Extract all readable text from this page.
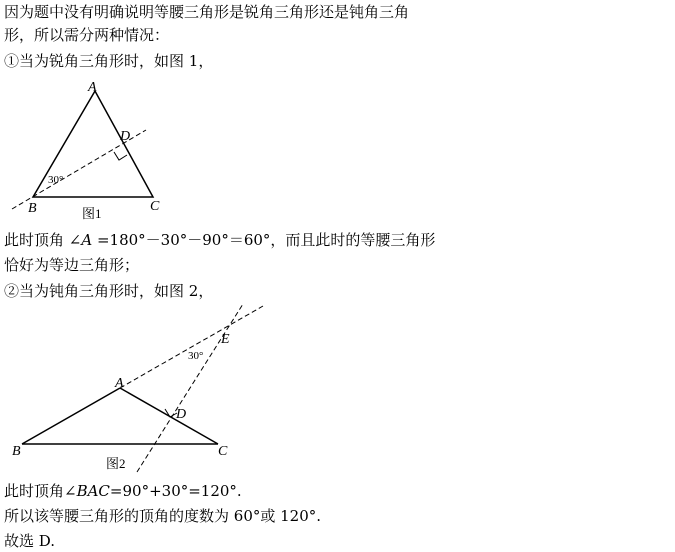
因为题中没有明确说明等腰三角形是锐角三角形还是钝角三角
形，所以需分两种情况：
①当为锐角三角形时，如图 1，
A
B	C
D
30°
图1
此时顶角 ∠A =180°－30°－90°＝60°，而且此时的等腰三角形
恰好为等边三角形；
②当为钝角三角形时，如图 2，
A
B	C
D
E
30°
图2
此时顶角∠BAC=90°+30°=120°.
所以该等腰三角形的顶角的度数为 60°或 120°.
故选 D.
